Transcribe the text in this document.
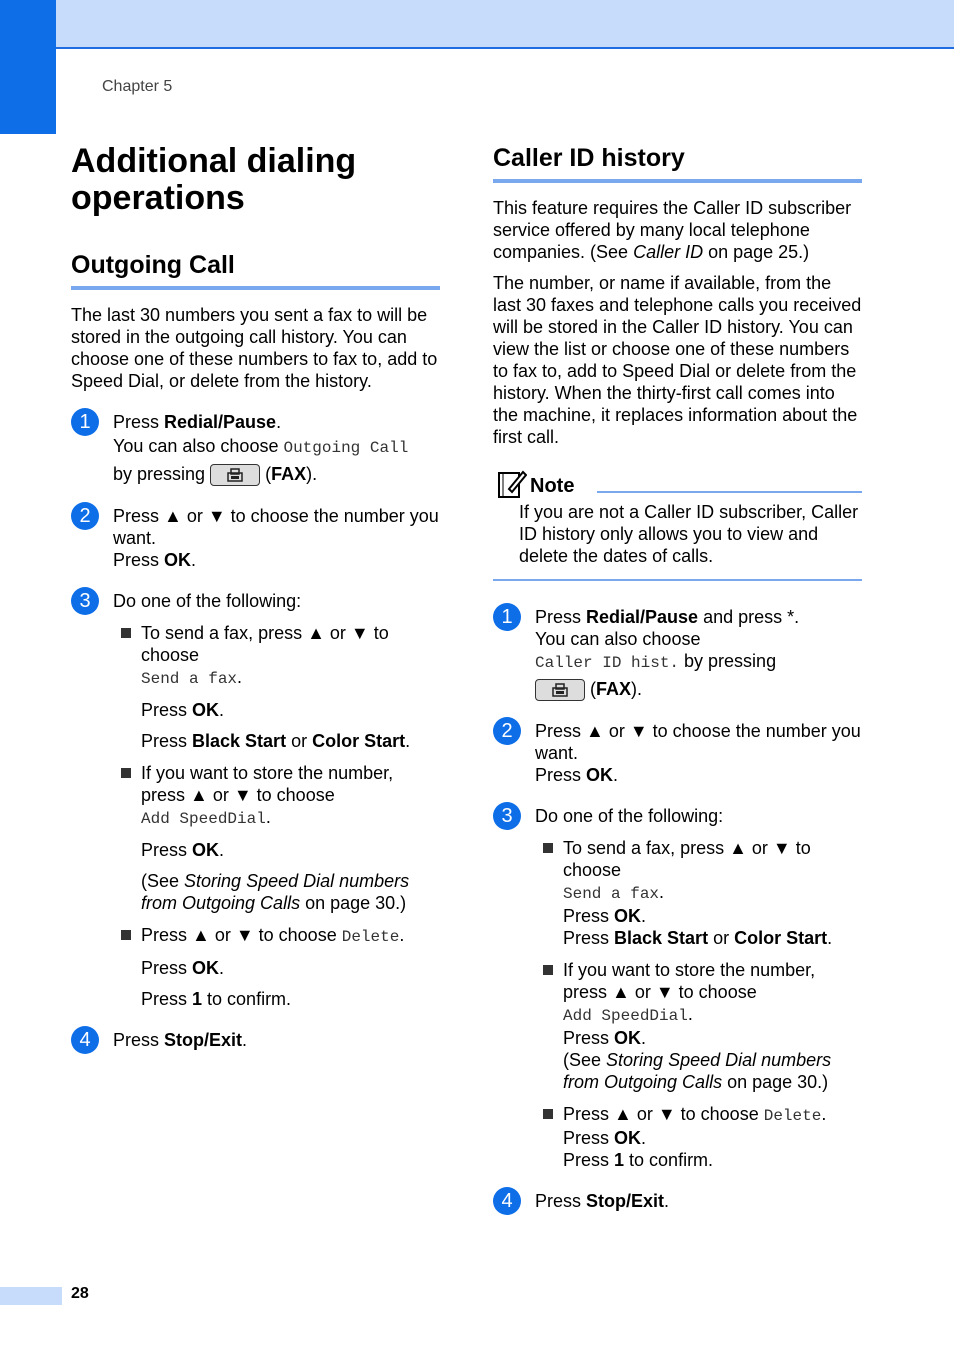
Chapter 5
28
Additional dialing
operations
Outgoing Call

The last 30 numbers you sent a fax to will be stored in the outgoing call history. You can choose one of these numbers to fax to, add to Speed Dial, or delete from the history.

1	Press Redial/Pause.

You can also choose Outgoing Call

by pressing	(FAX).

2	Press ▲ or ▼ to choose the number you want.

Press OK.

3	Do one of the following:

To send a fax, press ▲ or ▼ to choose

Send a fax.

Press OK.

Press Black Start or Color Start.

If you want to store the number, press ▲ or ▼ to choose

Add SpeedDial.

Press OK.

(See Storing Speed Dial numbers from Outgoing Calls on page 30.)

Press ▲ or ▼ to choose Delete.

Press OK.

Press 1 to confirm.

4	Press Stop/Exit.

Caller ID history

This feature requires the Caller ID subscriber service offered by many local telephone companies. (See Caller ID on page 25.)

The number, or name if available, from the last 30 faxes and telephone calls you received will be stored in the Caller ID history. You can view the list or choose one of these numbers to fax to, add to Speed Dial or delete from the history. When the thirty-first call comes into the machine, it replaces information about the first call.

Note

If you are not a Caller ID subscriber, Caller ID history only allows you to view and delete the dates of calls.

1	Press Redial/Pause and press *.

You can also choose

Caller ID hist. by pressing

(FAX).

2	Press ▲ or ▼ to choose the number you want.

Press OK.

3	Do one of the following:

To send a fax, press ▲ or ▼ to choose

Send a fax.

Press OK.

Press Black Start or Color Start.

If you want to store the number, press ▲ or ▼ to choose

Add SpeedDial.

Press OK.

(See Storing Speed Dial numbers from Outgoing Calls on page 30.)

Press ▲ or ▼ to choose Delete.

Press OK.

Press 1 to confirm.

4	Press Stop/Exit.
